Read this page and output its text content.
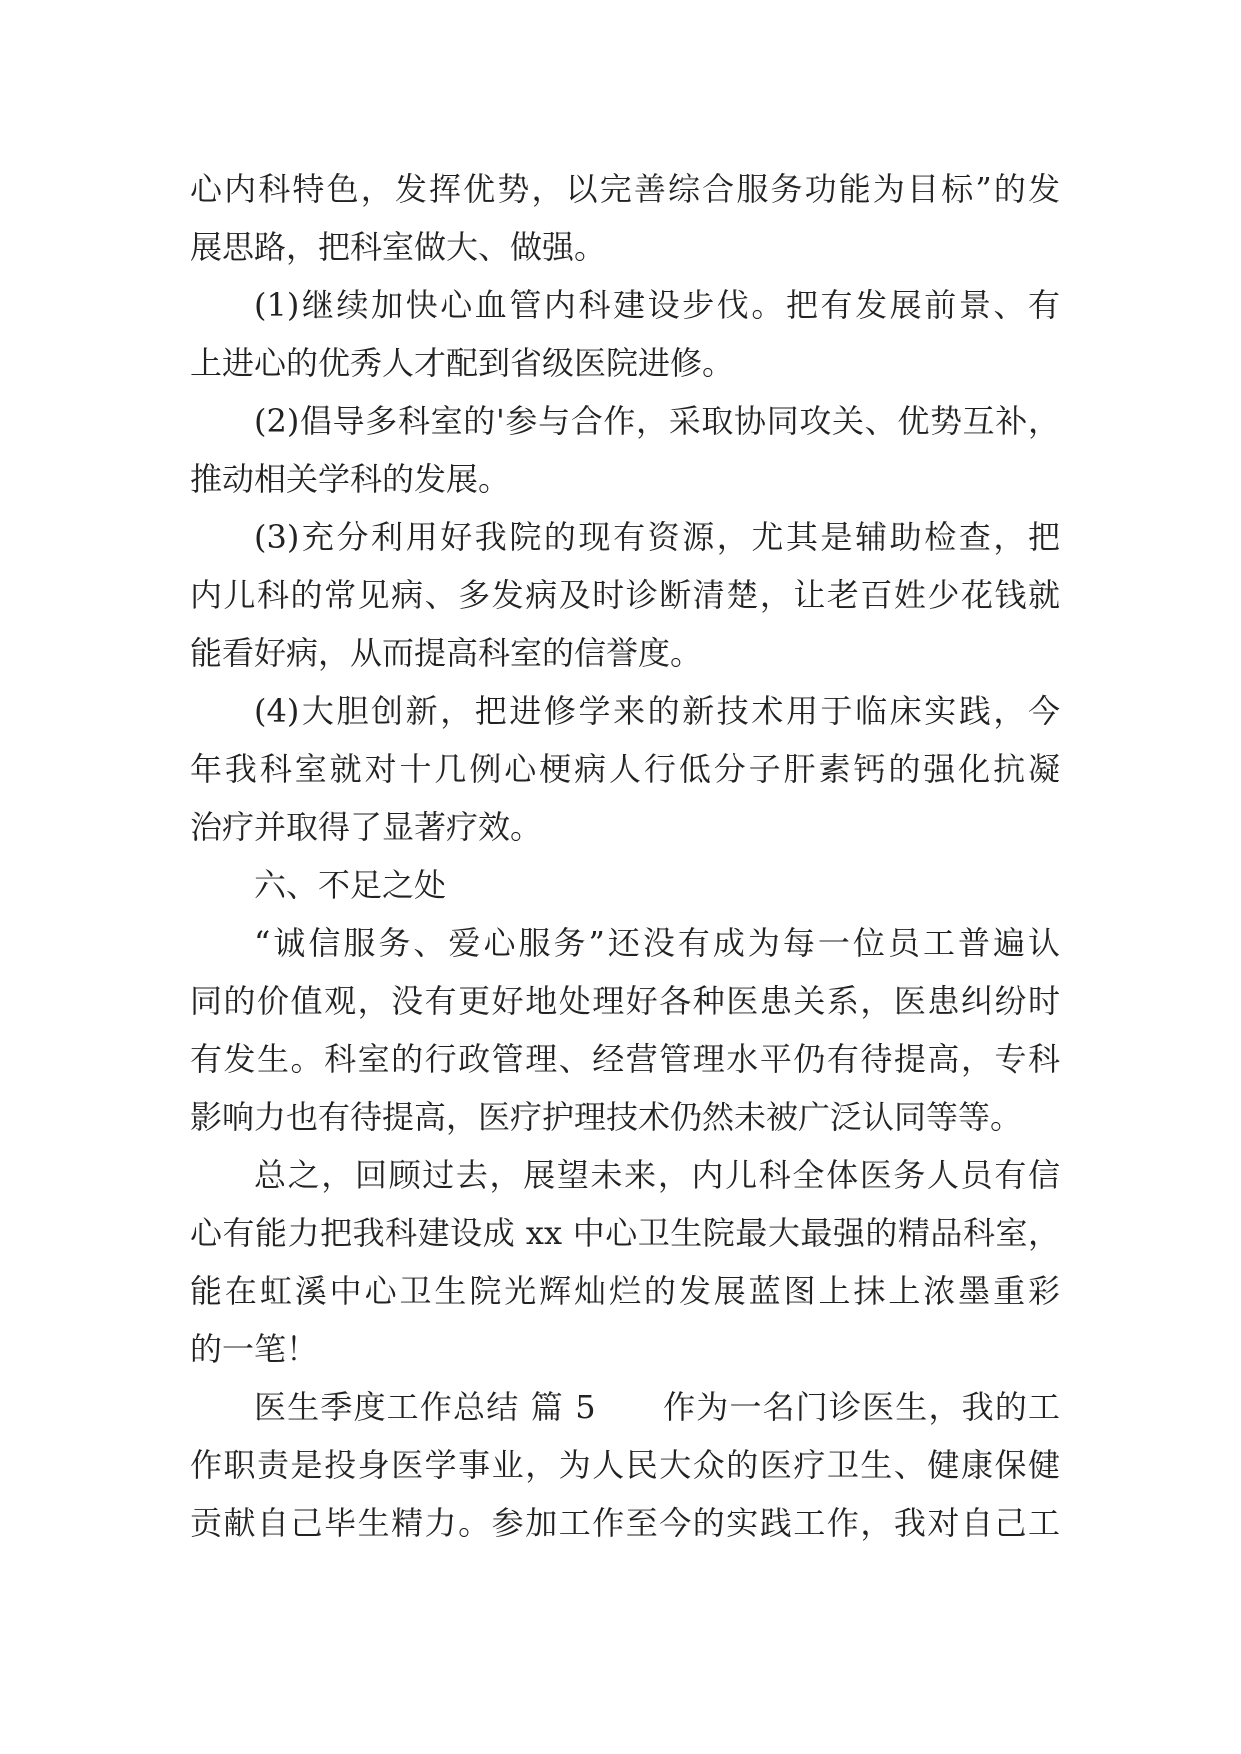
心内科特色，发挥优势，以完善综合服务功能为目标”的发
展思路，把科室做大、做强。
(1)继续加快心血管内科建设步伐。把有发展前景、有
上进心的优秀人才配到省级医院进修。
(2)倡导多科室的'参与合作，采取协同攻关、优势互补，
推动相关学科的发展。
(3)充分利用好我院的现有资源，尤其是辅助检查，把
内儿科的常见病、多发病及时诊断清楚，让老百姓少花钱就
能看好病，从而提高科室的信誉度。
(4)大胆创新，把进修学来的新技术用于临床实践，今
年我科室就对十几例心梗病人行低分子肝素钙的强化抗凝
治疗并取得了显著疗效。
六、不足之处
“诚信服务、爱心服务”还没有成为每一位员工普遍认
同的价值观，没有更好地处理好各种医患关系，医患纠纷时
有发生。科室的行政管理、经营管理水平仍有待提高，专科
影响力也有待提高，医疗护理技术仍然未被广泛认同等等。
总之，回顾过去，展望未来，内儿科全体医务人员有信
心有能力把我科建设成 xx 中心卫生院最大最强的精品科室，
能在虹溪中心卫生院光辉灿烂的发展蓝图上抹上浓墨重彩
的一笔！
医生季度工作总结 篇 5　　作为一名门诊医生，我的工
作职责是投身医学事业，为人民大众的医疗卫生、健康保健
贡献自己毕生精力。参加工作至今的实践工作，我对自己工
